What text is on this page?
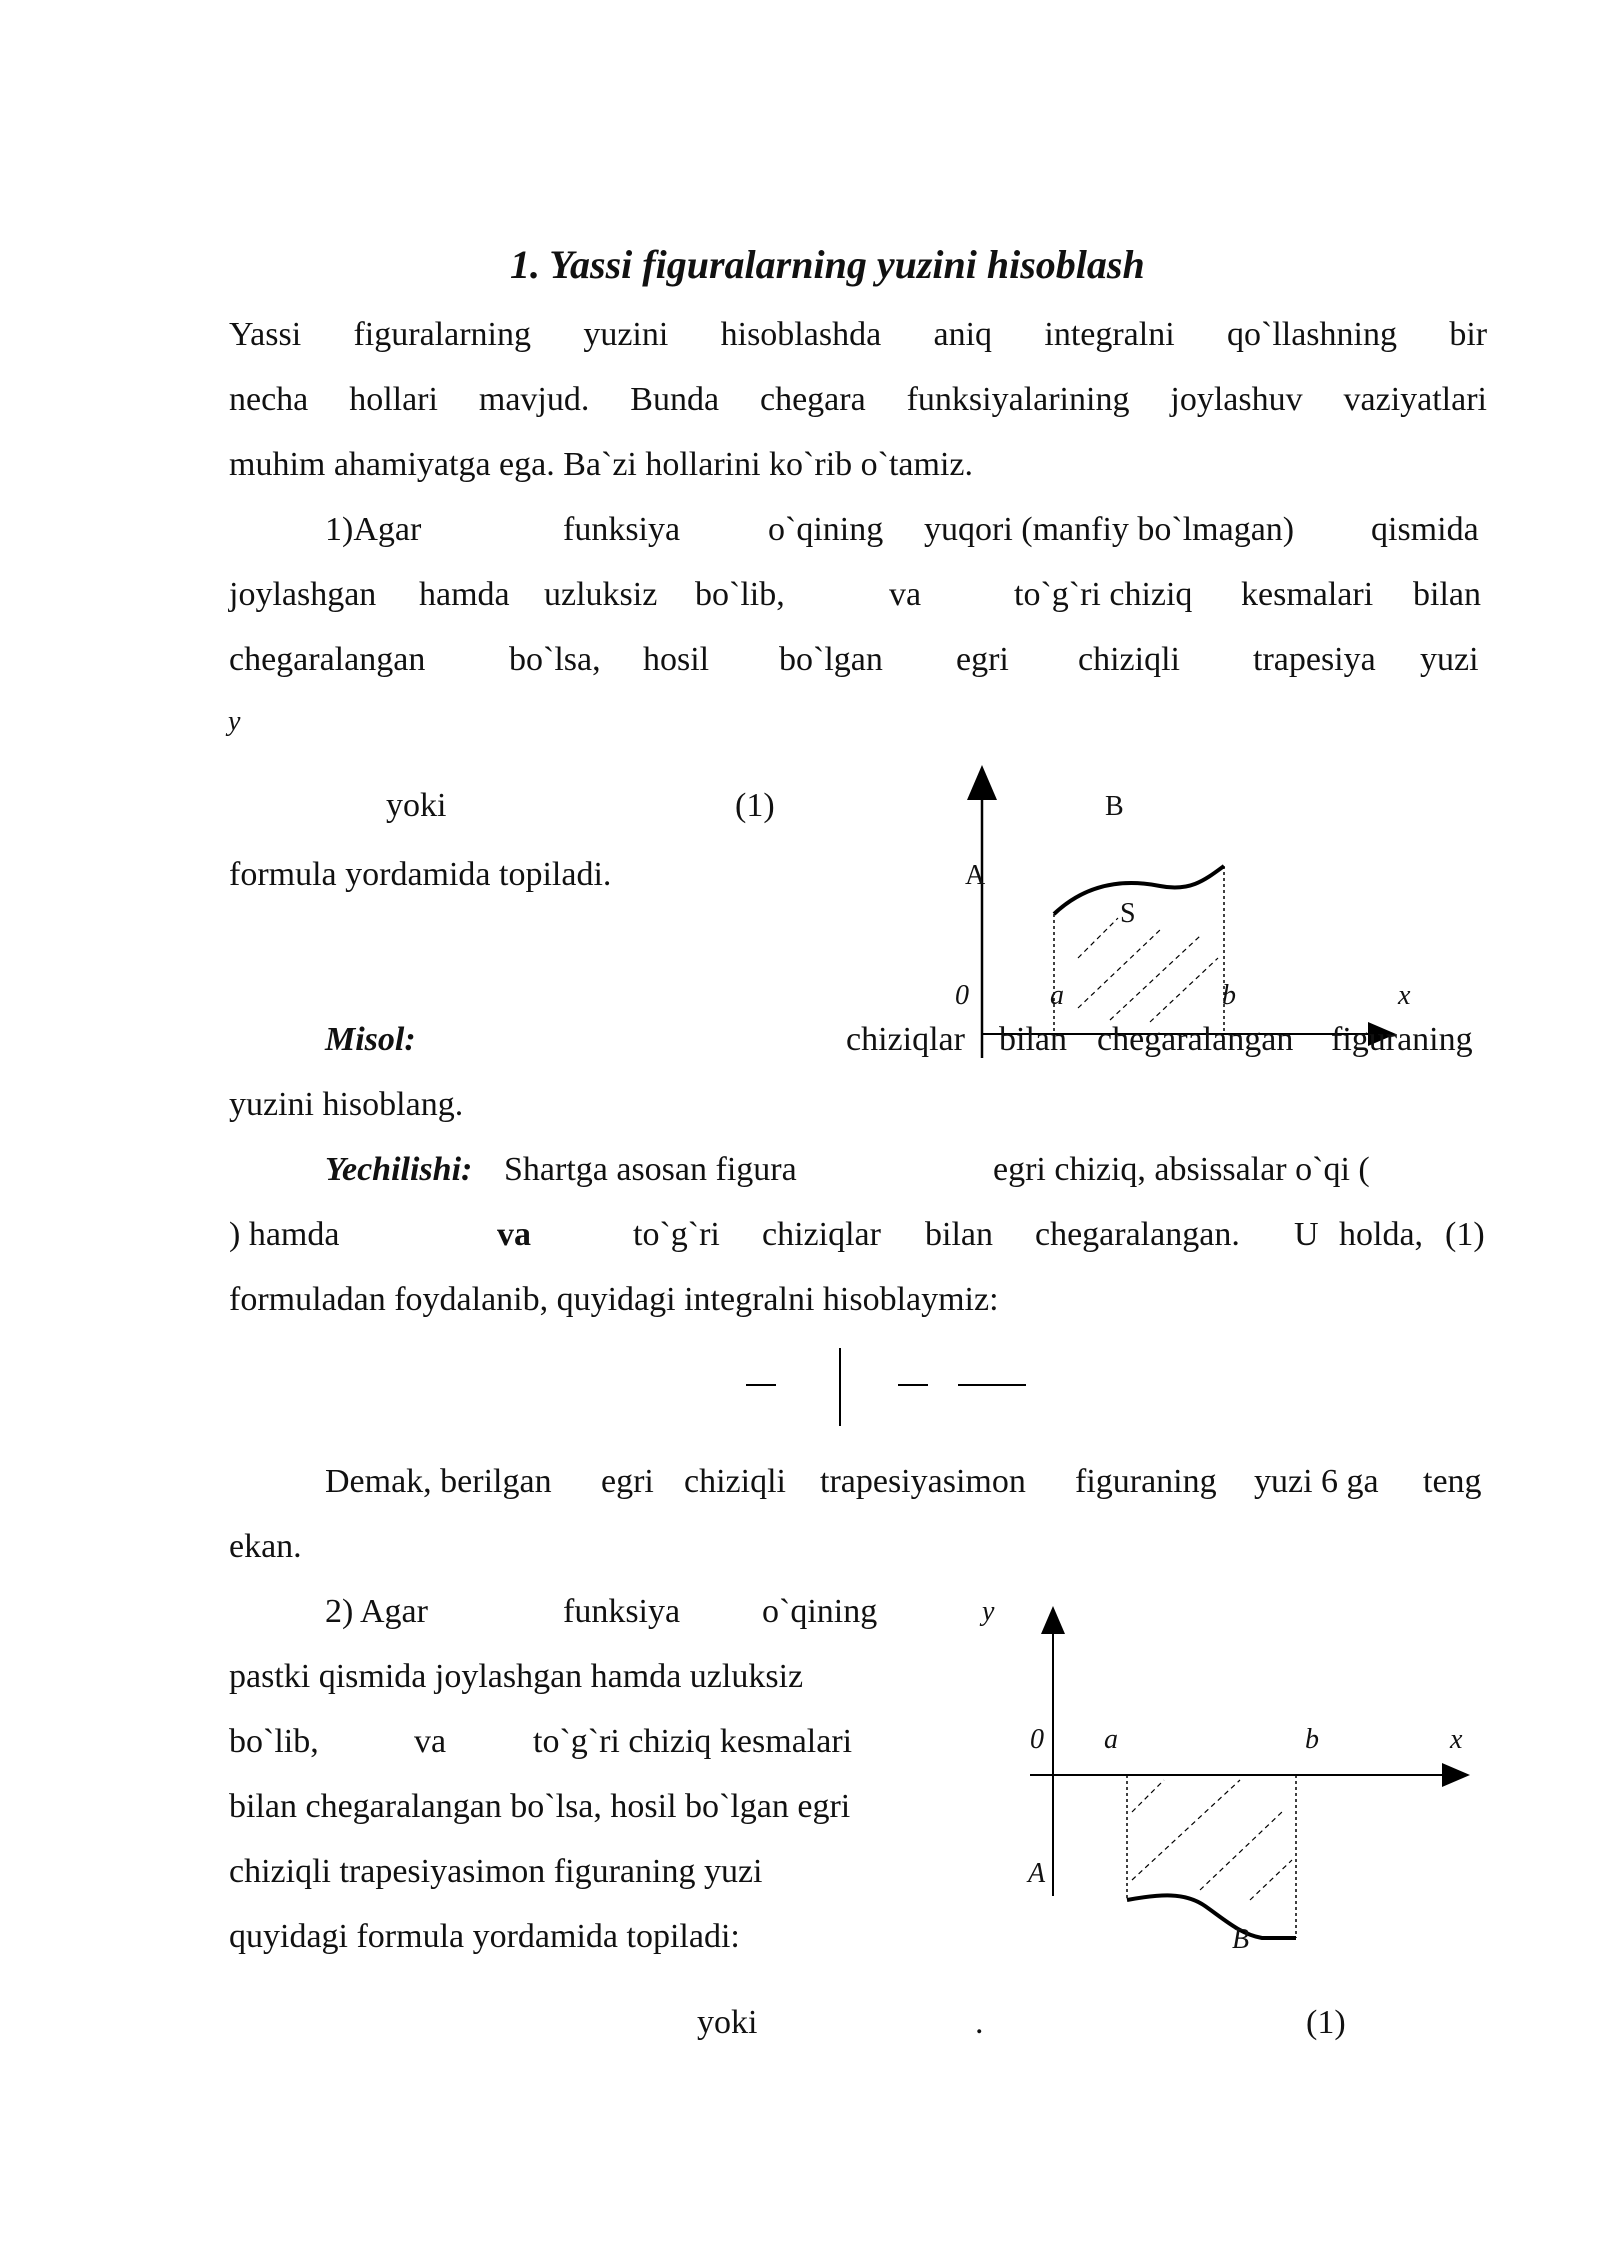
1. Yassi figuralarning yuzini hisoblash
Yassi figuralarning yuzini hisoblashda aniq integralni qo`llashning bir
necha hollari mavjud. Bunda chegara funksiyalarining joylashuv vaziyatlari
muhim ahamiyatga ega. Ba`zi hollarini ko`rib o`tamiz.
1)Agar	funksiya	o`qining yuqori (manfiy bo`lmagan) qismida
joylashgan hamda uzluksiz bo`lib,	va	to`g`ri chiziq kesmalari bilan
chegaralangan bo`lsa, hosil bo`lgan egri chiziqli trapesiya yuzi
yoki	(1)
formula yordamida topiladi.
y
B
A
S
0	a	b	x
Misol:	chiziqlar bilan chegaralangan figuraning
yuzini hisoblang.
Yechilishi: Shartga asosan figura	egri chiziq, absissalar o`qi (
) hamda	va	to`g`ri chiziqlar bilan chegaralangan. U holda, (1)
formuladan foydalanib, quyidagi integralni hisoblaymiz:
Demak, berilgan egri chiziqli trapesiyasimon figuraning yuzi 6 ga teng
ekan.
2) Agar	funksiya o`qining
pastki qismida joylashgan hamda uzluksiz
bo`lib,	va	to`g`ri chiziq kesmalari
bilan chegaralangan bo`lsa, hosil bo`lgan egri
chiziqli trapesiyasimon figuraning yuzi
quyidagi formula yordamida topiladi:
yoki	.	(1)
y
0 a	b	x
A
B
